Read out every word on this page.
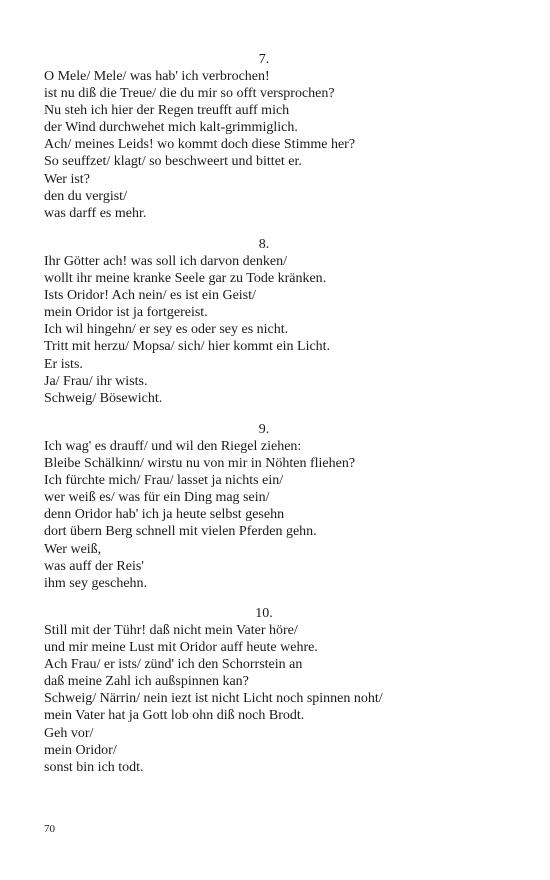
7.
O Mele/ Mele/ was hab' ich verbrochen!
ist nu diß die Treue/ die du mir so offt versprochen?
Nu steh ich hier der Regen treufft auff mich
der Wind durchwehet mich kalt-grimmiglich.
Ach/ meines Leids! wo kommt doch diese Stimme her?
So seuffzet/ klagt/ so beschweert und bittet er.
Wer ist?
den du vergist/
was darff es mehr.
8.
Ihr Götter ach! was soll ich darvon denken/
wollt ihr meine kranke Seele gar zu Tode kränken.
Ists Oridor! Ach nein/ es ist ein Geist/
mein Oridor ist ja fortgereist.
Ich wil hingehn/ er sey es oder sey es nicht.
Tritt mit herzu/ Mopsa/ sich/ hier kommt ein Licht.
Er ists.
Ja/ Frau/ ihr wists.
Schweig/ Bösewicht.
9.
Ich wag' es drauff/ und wil den Riegel ziehen:
Bleibe Schälkinn/ wirstu nu von mir in Nöhten fliehen?
Ich fürchte mich/ Frau/ lasset ja nichts ein/
wer weiß es/ was für ein Ding mag sein/
denn Oridor hab' ich ja heute selbst gesehn
dort übern Berg schnell mit vielen Pferden gehn.
Wer weiß,
was auff der Reis'
ihm sey geschehn.
10.
Still mit der Tühr! daß nicht mein Vater höre/
und mir meine Lust mit Oridor auff heute wehre.
Ach Frau/ er ists/ zünd' ich den Schorrstein an
daß meine Zahl ich außspinnen kan?
Schweig/ Närrin/ nein iezt ist nicht Licht noch spinnen noht/
mein Vater hat ja Gott lob ohn diß noch Brodt.
Geh vor/
mein Oridor/
sonst bin ich todt.
70
